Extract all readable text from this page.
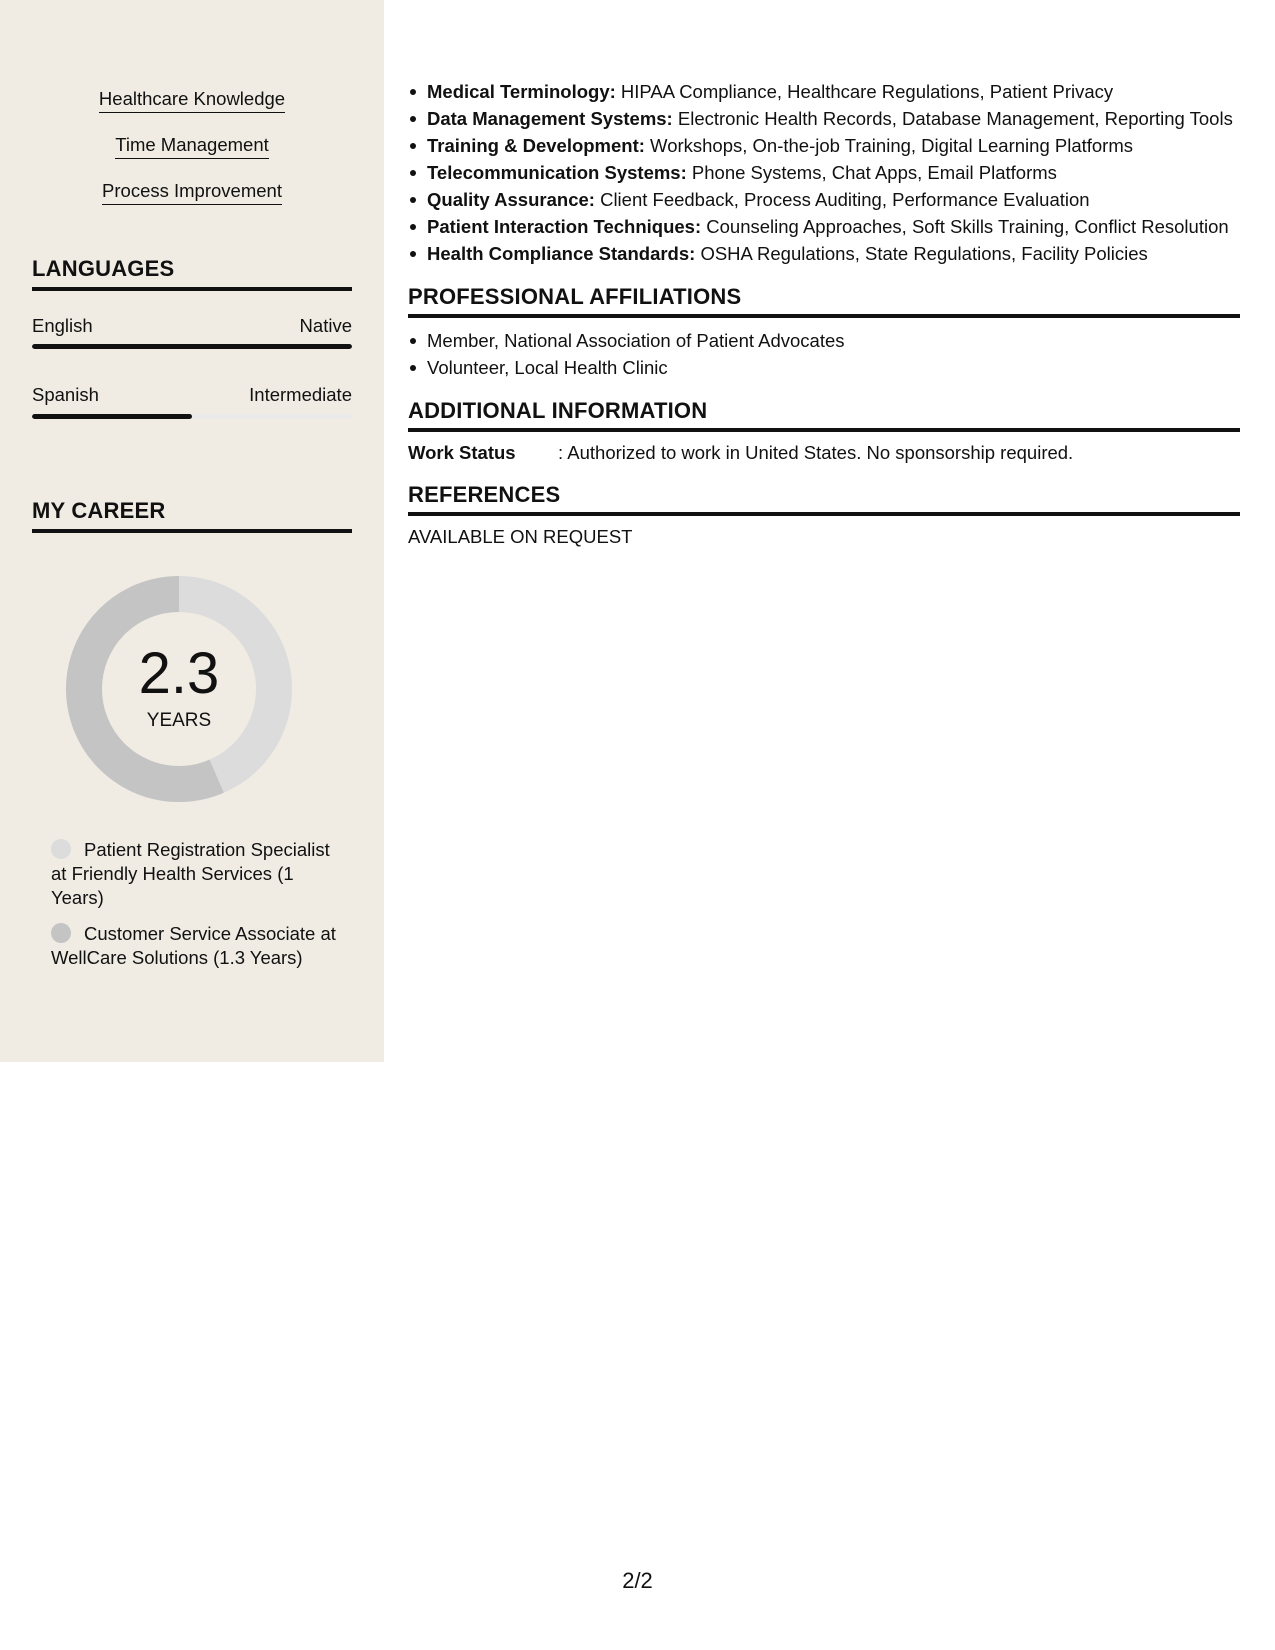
Healthcare Knowledge
Time Management
Process Improvement
LANGUAGES
English	Native
Spanish	Intermediate
MY CAREER
2.3
YEARS
Patient Registration Specialist at Friendly Health Services (1 Years)
Customer Service Associate at WellCare Solutions (1.3 Years)
Medical Terminology: HIPAA Compliance, Healthcare Regulations, Patient Privacy
Data Management Systems: Electronic Health Records, Database Management, Reporting Tools
Training & Development: Workshops, On-the-job Training, Digital Learning Platforms
Telecommunication Systems: Phone Systems, Chat Apps, Email Platforms
Quality Assurance: Client Feedback, Process Auditing, Performance Evaluation
Patient Interaction Techniques: Counseling Approaches, Soft Skills Training, Conflict Resolution
Health Compliance Standards: OSHA Regulations, State Regulations, Facility Policies
PROFESSIONAL AFFILIATIONS
Member, National Association of Patient Advocates
Volunteer, Local Health Clinic
ADDITIONAL INFORMATION
Work Status	: Authorized to work in United States. No sponsorship required.
REFERENCES
AVAILABLE ON REQUEST
2/2
